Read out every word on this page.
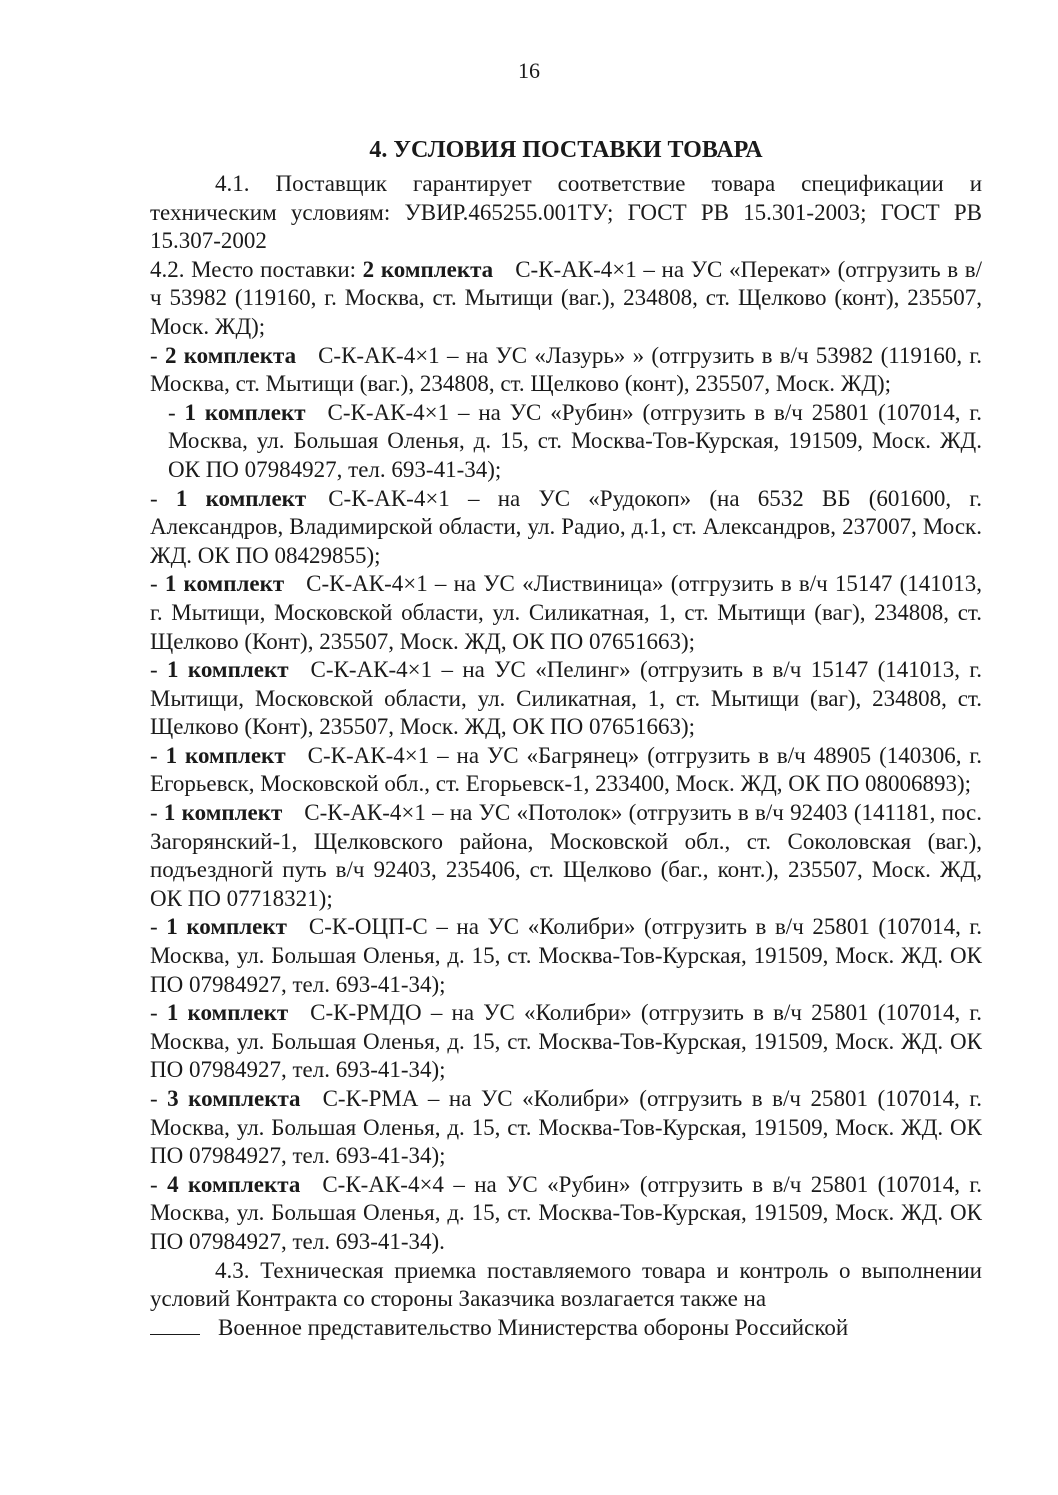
16
4. УСЛОВИЯ ПОСТАВКИ ТОВАРА

4.1. Поставщик гарантирует соответствие товара спецификации и техническим условиям: УВИР.465255.001ТУ; ГОСТ РВ 15.301-2003; ГОСТ РВ 15.307-2002

4.2. Место поставки: 2 комплекта С-К-АК-4×1 – на УС «Перекат» (отгрузить в в/ч 53982 (119160, г. Москва, ст. Мытищи (ваг.), 234808, ст. Щелково (конт), 235507, Моск. ЖД);

- 2 комплекта С-К-АК-4×1 – на УС «Лазурь» » (отгрузить в в/ч 53982 (119160, г. Москва, ст. Мытищи (ваг.), 234808, ст. Щелково (конт), 235507, Моск. ЖД);

- 1 комплект С-К-АК-4×1 – на УС «Рубин» (отгрузить в в/ч 25801 (107014, г. Москва, ул. Большая Оленья, д. 15, ст. Москва-Тов-Курская, 191509, Моск. ЖД. ОК ПО 07984927, тел. 693-41-34);

- 1 комплект С-К-АК-4×1 – на УС «Рудокоп» (на 6532 ВБ (601600, г. Александров, Владимирской области, ул. Радио, д.1, ст. Александров, 237007, Моск. ЖД. ОК ПО 08429855);

- 1 комплект С-К-АК-4×1 – на УС «Листвиница» (отгрузить в в/ч 15147 (141013, г. Мытищи, Московской области, ул. Силикатная, 1, ст. Мытищи (ваг), 234808, ст. Щелково (Конт), 235507, Моск. ЖД, ОК ПО 07651663);

- 1 комплект С-К-АК-4×1 – на УС «Пелинг» (отгрузить в в/ч 15147 (141013, г. Мытищи, Московской области, ул. Силикатная, 1, ст. Мытищи (ваг), 234808, ст. Щелково (Конт), 235507, Моск. ЖД, ОК ПО 07651663);

- 1 комплект С-К-АК-4×1 – на УС «Багрянец» (отгрузить в в/ч 48905 (140306, г. Егорьевск, Московской обл., ст. Егорьевск-1, 233400, Моск. ЖД, ОК ПО 08006893);

- 1 комплект С-К-АК-4×1 – на УС «Потолок» (отгрузить в в/ч 92403 (141181, пос. Загорянский-1, Щелковского района, Московской обл., ст. Соколовская (ваг.), подъездногй путь в/ч 92403, 235406, ст. Щелково (баг., конт.), 235507, Моск. ЖД, ОК ПО 07718321);

- 1 комплект С-К-ОЦП-С – на УС «Колибри» (отгрузить в в/ч 25801 (107014, г. Москва, ул. Большая Оленья, д. 15, ст. Москва-Тов-Курская, 191509, Моск. ЖД. ОК ПО 07984927, тел. 693-41-34);

- 1 комплект С-К-РМДО – на УС «Колибри» (отгрузить в в/ч 25801 (107014, г. Москва, ул. Большая Оленья, д. 15, ст. Москва-Тов-Курская, 191509, Моск. ЖД. ОК ПО 07984927, тел. 693-41-34);

- 3 комплекта С-К-РМА – на УС «Колибри» (отгрузить в в/ч 25801 (107014, г. Москва, ул. Большая Оленья, д. 15, ст. Москва-Тов-Курская, 191509, Моск. ЖД. ОК ПО 07984927, тел. 693-41-34);

- 4 комплекта С-К-АК-4×4 – на УС «Рубин» (отгрузить в в/ч 25801 (107014, г. Москва, ул. Большая Оленья, д. 15, ст. Москва-Тов-Курская, 191509, Моск. ЖД. ОК ПО 07984927, тел. 693-41-34).

4.3. Техническая приемка поставляемого товара и контроль о выполнении условий Контракта со стороны Заказчика возлагается также на

Военное представительство Министерства обороны Российской
